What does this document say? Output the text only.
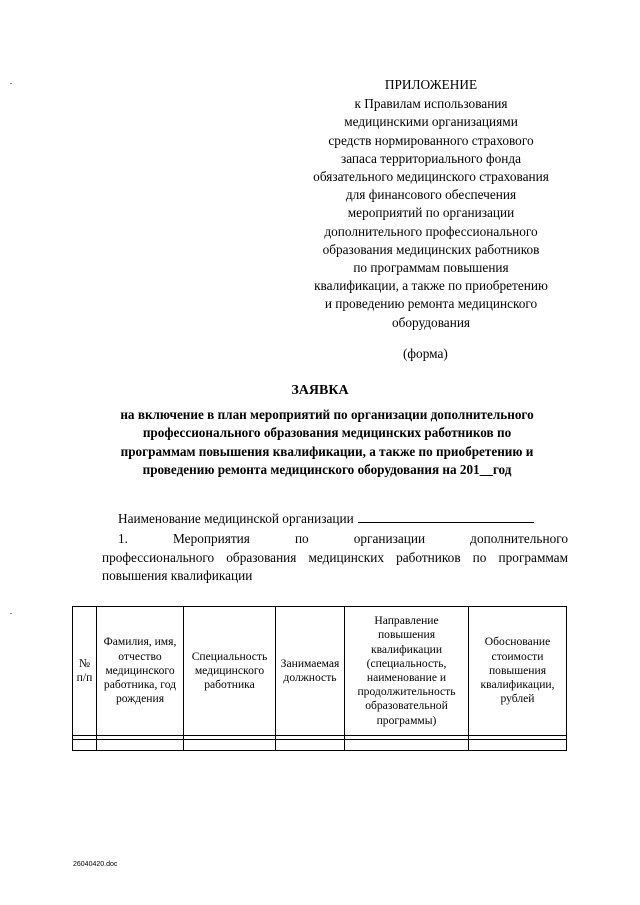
ПРИЛОЖЕНИЕ
к Правилам использования
медицинскими организациями
средств нормированного страхового
запаса территориального фонда
обязательного медицинского страхования
для финансового обеспечения
мероприятий по организации
дополнительного профессионального
образования медицинских работников
по программам повышения
квалификации, а также по приобретению
и проведению ремонта медицинского
оборудования
(форма)
ЗАЯВКА
на включение в план мероприятий по организации дополнительного
профессионального образования медицинских работников по
программам повышения квалификации, а также по приобретению и
проведению ремонта медицинского оборудования на 201__год
Наименование медицинской организации
1. Мероприятия по организации дополнительного
профессионального образования медицинских работников по программам повышения квалификации
№ п/п	Фамилия, имя, отчество медицинского работника, год рождения	Специальность медицинского работника	Занимаемая должность	Направление повышения квалификации (специальность, наименование и продолжительность образовательной программы)	Обоснование стоимости повышения квалификации, рублей

26040420.doc
